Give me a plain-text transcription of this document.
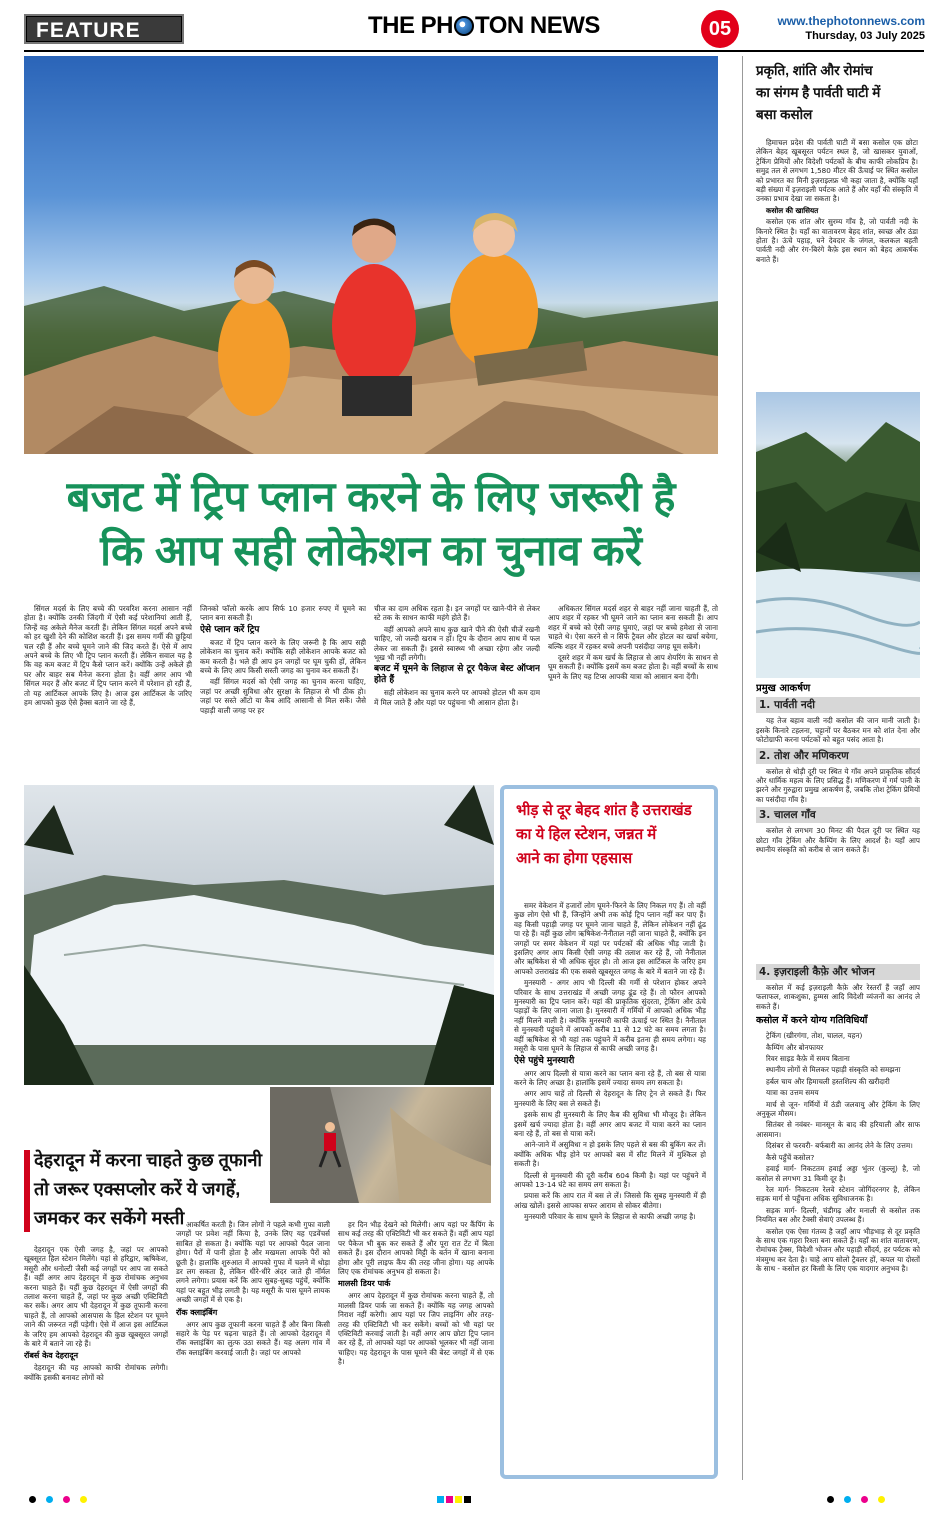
FEATURE	THE PH TON NEWS	05	www.thephotonnews.com
Thursday, 03 July 2025
बजट में ट्रिप प्लान करने के लिए जरूरी है
कि आप सही लोकेशन का चुनाव करें

सिंगल मदर्स के लिए बच्चे की परवरिश करना आसान नहीं होता है। क्योंकि उनकी जिंदगी में ऐसी कई परेशानियां आती हैं, जिन्हें वह अकेले मैनेज करती हैं। लेकिन सिंगल मदर्स अपने बच्चे को हर खुशी देने की कोशिश करती हैं। इस समय गर्मी की छुट्टियां चल रही हैं और बच्चे घूमने जाने की जिद करते हैं। ऐसे में आप अपने बच्चे के लिए भी ट्रिप प्लान करती हैं। लेकिन सवाल यह है कि वह कम बजट में ट्रिप कैसे प्लान करें। क्योंकि उन्हें अकेले ही घर और बाहर सब मैनेज करना होता है। वहीं अगर आप भी सिंगल मदर हैं और बजट में ट्रिप प्लान करने में परेशान हो रही हैं, तो यह आर्टिकल आपके लिए है। आज इस आर्टिकल के जरिए हम आपको कुछ ऐसे हैक्स बताने जा रहे हैं,

जिनको फॉलो करके आप सिर्फ 10 हजार रुपए में घूमने का प्लान बना सकती हैं।

ऐसे प्लान करें ट्रिप

बजट में ट्रिप प्लान करने के लिए जरूरी है कि आप सही लोकेशन का चुनाव करें। क्योंकि सही लोकेशन आपके बजट को कम करती है। भले ही आप इन जगहों पर घूम चुकी हों, लेकिन बच्चे के लिए आप किसी सस्ती जगह का चुनाव कर सकती हैं।

वहीं सिंगल मदर्स को ऐसी जगह का चुनाव करना चाहिए, जहां पर अच्छी सुविधा और सुरक्षा के लिहाज से भी ठीक हो। जहां पर सस्ते ऑटो या कैब आदि आसानी से मिल सकें। जैसे पहाड़ी वाली जगह पर हर

चीज का दाम अधिक रहता है। इन जगहों पर खाने-पीने से लेकर स्टे तक के साधन काफी महंगे होते हैं।

वहीं आपको अपने साथ कुछ खाने पीने की ऐसी चीजें रखनी चाहिए, जो जल्दी खराब न हों। ट्रिप के दौरान आप साथ में फल लेकर जा सकती हैं। इससे स्वास्थ्य भी अच्छा रहेगा और जल्दी भूख भी नहीं लगेगी।

बजट में घूमने के लिहाज से टूर पैकेज बेस्ट ऑप्शन होते हैं

सही लोकेशन का चुनाव करने पर आपको होटल भी कम दाम में मिल जाते हैं और यहां पर पहुंचना भी आसान होता है।

अधिकतर सिंगल मदर्स शहर से बाहर नहीं जाना चाहती हैं, तो आप शहर में रहकर भी घूमने जाने का प्लान बना सकती हैं। आप शहर में बच्चे को ऐसी जगह घुमाएं, जहां पर बच्चे हमेशा से जाना चाहते थे। ऐसा करने से न सिर्फ ट्रैवल और होटल का खर्चा बचेगा, बल्कि शहर में रहकर बच्चे अपनी पसंदीदा जगह घूम सकेंगे।

दूसरे शहर में कम खर्च के लिहाज से आप शेयरिंग के साधन से घूम सकती हैं। क्योंकि इसमें कम बजट होता है। वहीं बच्चों के साथ घूमने के लिए यह टिप्स आपकी यात्रा को आसान बना देंगी।

देहरादून में करना चाहते कुछ तूफानी
तो जरूर एक्सप्लोर करें ये जगहें,
जमकर कर सकेंगे मस्ती

देहरादून एक ऐसी जगह है, जहां पर आपको खूबसूरत हिल स्टेशन मिलेंगे। यहां से हरिद्वार, ऋषिकेश, मसूरी और धनोल्टी जैसी कई जगहों पर आप जा सकते हैं। वहीं अगर आप देहरादून में कुछ रोमांचक अनुभव करना चाहते हैं। यहीं कुछ देहरादून में ऐसी जगहों की तलाश करना चाहते हैं, जहां पर कुछ अच्छी एक्टिविटी कर सकें। अगर आप भी देहरादून में कुछ तूफानी करना चाहते हैं, तो आपको आसपास के हिल स्टेशन पर घूमने जाने की जरूरत नहीं पड़ेगी। ऐसे में आज इस आर्टिकल के जरिए हम आपको देहरादून की कुछ खूबसूरत जगहों के बारे में बताने जा रहे हैं।

रॉबर्स केव देहरादून

देहरादून की यह आपको काफी रोमांचक लगेगी। क्योंकि इसकी बनावट लोगों को

आकर्षित करती है। जिन लोगों ने पहले कभी गुफा वाली जगहों पर प्रवेश नहीं किया है, उनके लिए यह एडवेंचर्स साबित हो सकता है। क्योंकि यहां पर आपको पैदल जाना होगा। पैरों में पानी होता है और मखमला आपके पैरों को छूती है। हालांकि शुरुआत में आपको गुफा में चलने में थोड़ा डर लग सकता है, लेकिन धीरे-धीरे अंदर जाते ही नॉर्मल लगने लगेगा। प्रयास करें कि आप सुबह-सुबह पहुंचें, क्योंकि यहां पर बहुत भीड़ लगती है। यह मसूरी के पास घूमने लायक अच्छी जगहों में से एक है।

रॉक क्लाइंबिंग

अगर आप कुछ तूफानी करना चाहते हैं और बिना किसी सहारे के पेड़ पर चढ़ना चाहते हैं। तो आपको देहरादून में रॉक क्लाइंबिंग का लुत्फ उठा सकते हैं। यह अलग गांव में रॉक क्लाइंबिंग करवाई जाती है। जहां पर आपको

हर दिन भीड़ देखने को मिलेगी। आप यहां पर कैंपिंग के साथ कई तरह की एक्टिविटी भी कर सकते हैं। वहीं आप यहां पर पैकेज भी बुक कर सकते हैं और पूरा रात टेंट में बिता सकते हैं। इस दौरान आपको मिट्टी के बर्तन में खाना बनाना होगा और पूरी लाइफ कैंप की तरह जीना होगा। यह आपके लिए एक रोमांचक अनुभव हो सकता है।

मालसी डियर पार्क

अगर आप देहरादून में कुछ रोमांचक करना चाहते हैं, तो मालसी डियर पार्क जा सकते हैं। क्योंकि यह जगह आपको निराश नहीं करेगी। आप यहां पर जिप लाइनिंग और तरह-तरह की एक्टिविटी भी कर सकेंगे। बच्चों को भी यहां पर एक्टिविटी करवाई जाती है। वहीं अगर आप छोटा ट्रिप प्लान कर रहे हैं, तो आपको यहां पर आपको भूलकर भी नहीं जाना चाहिए। यह देहरादून के पास घूमने की बेस्ट जगहों में से एक है।

भीड़ से दूर बेहद शांत है उत्तराखंड
का ये हिल स्टेशन, जन्नत में
आने का होगा एहसास

समर वेकेशन में हजारों लोग घूमने-फिरने के लिए निकल गए हैं। तो वहीं कुछ लोग ऐसे भी हैं, जिन्होंने अभी तक कोई ट्रिप प्लान नहीं कर पाए हैं। वह किसी पहाड़ी जगह पर घूमने जाना चाहते हैं, लेकिन लोकेशन नहीं ढूंढ पा रहे हैं। वहीं कुछ लोग ऋषिकेश-नैनीताल नहीं जाना चाहते हैं, क्योंकि इन जगहों पर समर वेकेशन में यहां पर पर्यटकों की अधिक भीड़ जाती है। इसलिए अगर आप किसी ऐसी जगह की तलाश कर रहे हैं, जो नैनीताल और ऋषिकेश से भी अधिक सुंदर हो। तो आज इस आर्टिकल के जरिए हम आपको उत्तराखंड की एक सबसे खूबसूरत जगह के बारे में बताने जा रहे हैं।

मुनस्यारी - अगर आप भी दिल्ली की गर्मी से परेशान होकर अपने परिवार के साथ उत्तराखंड में अच्छी जगह ढूंढ रहे हैं। तो फौरन आपको मुनस्यारी का ट्रिप प्लान करें। यहां की प्राकृतिक सुंदरता, ट्रेकिंग और ऊंचे पहाड़ों के लिए जाना जाता है। मुनस्यारी में गर्मियों में आपको अधिक भीड़ नहीं मिलने वाली है। क्योंकि मुनस्यारी काफी ऊंचाई पर स्थित है। नैनीताल से मुनस्यारी पहुंचने में आपको करीब 11 से 12 घंटे का समय लगता है। वहीं ऋषिकेश से भी यहां तक पहुंचने में करीब इतना ही समय लगेगा। यह मसूरी के पास घूमने के लिहाज से काफी अच्छी जगह है।

ऐसे पहुंचे मुनस्यारी

अगर आप दिल्ली से यात्रा करने का प्लान बना रहे हैं, तो बस से यात्रा करने के लिए अच्छा है। हालांकि इसमें ज्यादा समय लग सकता है।

अगर आप चाहें तो दिल्ली से देहरादून के लिए ट्रेन ले सकते हैं। फिर मुनस्यारी के लिए बस ले सकते हैं।

इसके साथ ही मुनस्यारी के लिए कैब की सुविधा भी मौजूद है। लेकिन इसमें खर्च ज्यादा होता है। वहीं अगर आप बजट में यात्रा करने का प्लान बना रहे हैं, तो बस से यात्रा करें।

आने-जाने में असुविधा न हो इसके लिए पहले से बस की बुकिंग कर लें। क्योंकि अधिक भीड़ होने पर आपको बस में सीट मिलने में मुश्किल हो सकती है।

दिल्ली से मुनस्यारी की दूरी करीब 604 किमी है। यहां पर पहुंचने में आपको 13-14 घंटे का समय लग सकता है।

प्रयास करें कि आप रात में बस ले लें। जिससे कि सुबह मुनस्यारी में ही आंख खोलें। इससे आपका सफर आराम से सोकर बीतेगा।

मुनस्यारी परिवार के साथ घूमने के लिहाज से काफी अच्छी जगह है।

प्रकृति, शांति और रोमांच
का संगम है पार्वती घाटी में
बसा कसोल

हिमाचल प्रदेश की पार्वती घाटी में बसा कसोल एक छोटा लेकिन बेहद खूबसूरत पर्यटन स्थल है, जो खासकर युवाओं, ट्रेकिंग प्रेमियों और विदेशी पर्यटकों के बीच काफी लोकप्रिय है। समुद्र तल से लगभग 1,580 मीटर की ऊँचाई पर स्थित कसोल को प्रभारत का मिनी इज़राइलफ्र भी कहा जाता है, क्योंकि यहाँ बड़ी संख्या में इज़राइली पर्यटक आते हैं और यहाँ की संस्कृति में उनका प्रभाव देखा जा सकता है।

कसोल की खासियत

कसोल एक शांत और सुरम्य गाँव है, जो पार्वती नदी के किनारे स्थित है। यहाँ का वातावरण बेहद शांत, स्वच्छ और ठंडा होता है। ऊंचे पहाड़, घने देवदार के जंगल, कलकल बहती पार्वती नदी और रंग-बिरंगे कैफ़े इस स्थान को बेहद आकर्षक बनाते हैं।

प्रमुख आकर्षण
1. पार्वती नदी

यह तेज बहाव वाली नदी कसोल की जान मानी जाती है। इसके किनारे टहलना, चट्टानों पर बैठकर मन को शांत देना और फोटोग्राफी करना पर्यटकों को बहुत पसंद आता है।

2. तोश और मणिकरण

कसोल से थोड़ी दूरी पर स्थित ये गाँव अपने प्राकृतिक सौंदर्य और धार्मिक महत्व के लिए प्रसिद्ध हैं। मणिकरण में गर्म पानी के झरने और गुरुद्वारा प्रमुख आकर्षण हैं, जबकि तोश ट्रेकिंग प्रेमियों का पसंदीदा गाँव है।

3. चालल गाँव

कसोल से लगभग 30 मिनट की पैदल दूरी पर स्थित यह छोटा गाँव ट्रेकिंग और कैम्पिंग के लिए आदर्श है। यहाँ आप स्थानीय संस्कृति को करीब से जान सकते हैं।

4. इज़राइली कैफ़े और भोजन

कसोल में कई इज़राइली कैफ़े और रेस्तराँ हैं जहाँ आप फलाफल, शाकशुका, हुम्मस आदि विदेशी व्यंजनों का आनंद ले सकते हैं।

कसोल में करने योग्य गतिविधियाँ

ट्रेकिंग (खीरगंगा, तोश, चालल, यहन)

कैम्पिंग और बोनफायर

रिवर साइड कैफ़े में समय बिताना

स्थानीय लोगों से मिलकर पहाड़ी संस्कृति को समझना

हर्बल चाय और हिमाचली हस्तशिल्प की खरीदारी

यात्रा का उत्तम समय

मार्च से जून- गर्मियों में ठंडी जलवायु और ट्रेकिंग के लिए अनुकूल मौसम।

सितंबर से नवंबर- मानसून के बाद की हरियाली और साफ आसमान।

दिसंबर से फरवरी- बर्फबारी का आनंद लेने के लिए उत्तम।

कैसे पहुँचें कसोल?

हवाई मार्ग- निकटतम हवाई अड्डा भुंतर (कुल्लू) है, जो कसोल से लगभग 31 किमी दूर है।

रेल मार्ग- निकटतम रेलवे स्टेशन जोगिंदरनगर है, लेकिन सड़क मार्ग से पहुँचना अधिक सुविधाजनक है।

सड़क मार्ग- दिल्ली, चंडीगढ़ और मनाली से कसोल तक नियमित बस और टैक्सी सेवाएं उपलब्ध हैं।

कसोल एक ऐसा गंतव्य है जहाँ आप भीड़भाड़ से दूर प्रकृति के साथ एक गहरा रिश्ता बना सकते हैं। यहाँ का शांत वातावरण, रोमांचक ट्रेक्स, विदेशी भोजन और पहाड़ी सौंदर्य, हर पर्यटक को मंत्रमुग्ध कर देता है। चाहे आप सोलो ट्रैवलर हों, कपल या दोस्तों के साथ - कसोल हर किसी के लिए एक यादगार अनुभव है।
